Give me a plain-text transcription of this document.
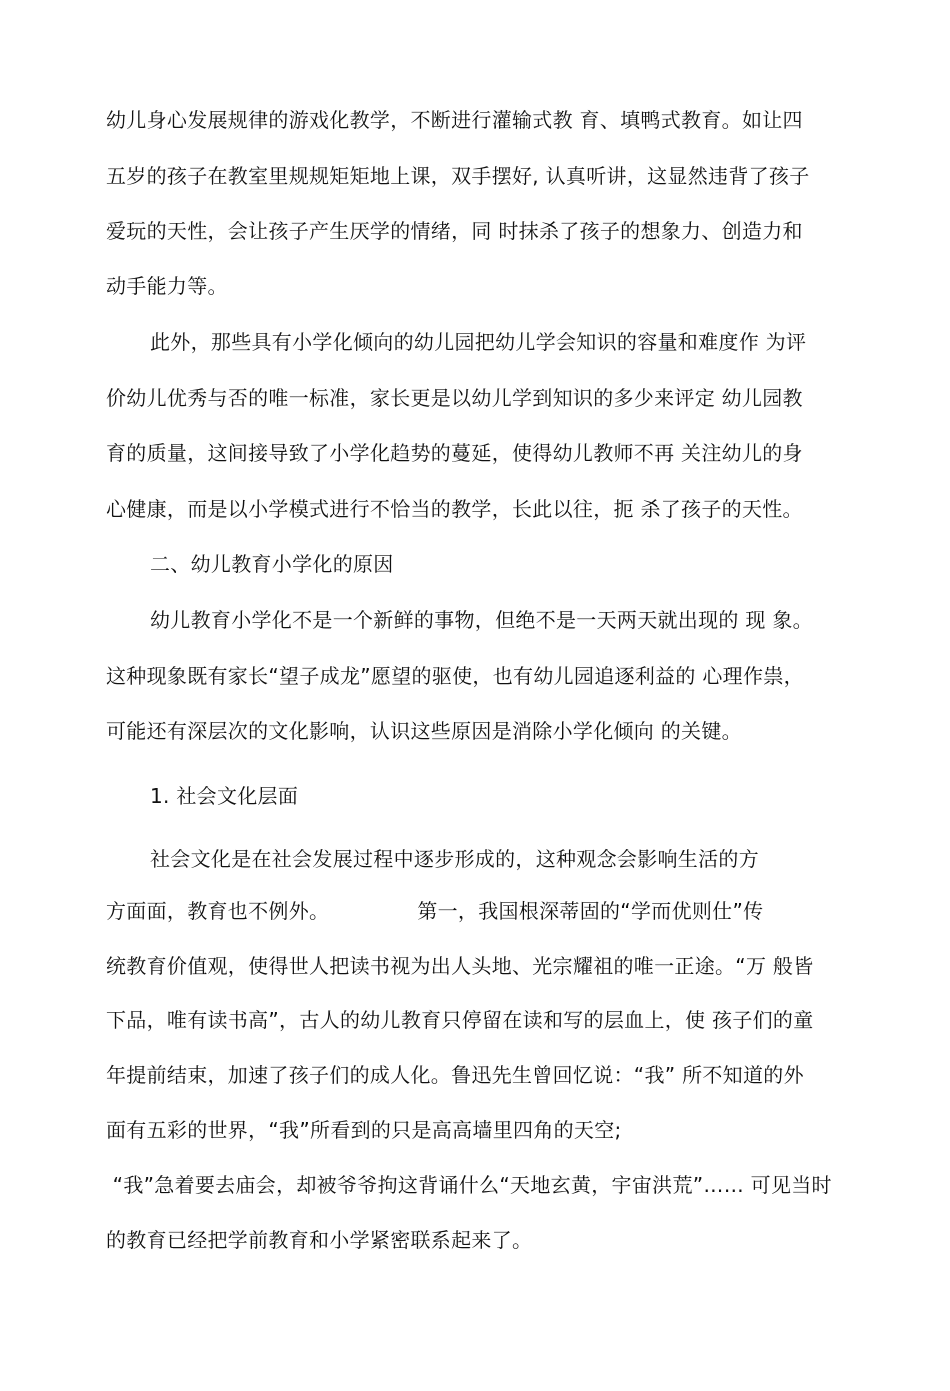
幼儿身心发展规律的游戏化教学，不断进行灌输式教 育、填鸭式教育。如让四
五岁的孩子在教室里规规矩矩地上课，双手摆好, 认真听讲，这显然违背了孩子
爱玩的天性，会让孩子产生厌学的情绪，同 时抹杀了孩子的想象力、创造力和
动手能力等。
此外，那些具有小学化倾向的幼儿园把幼儿学会知识的容量和难度作 为评
价幼儿优秀与否的唯一标准，家长更是以幼儿学到知识的多少来评定 幼儿园教
育的质量，这间接导致了小学化趋势的蔓延，使得幼儿教师不再 关注幼儿的身
心健康，而是以小学模式进行不恰当的教学，长此以往，扼 杀了孩子的天性。
二、幼儿教育小学化的原因
幼儿教育小学化不是一个新鲜的事物，但绝不是一天两天就出现的 现 象。
这种现象既有家长“望子成龙”愿望的驱使，也有幼儿园追逐利益的 心理作祟，
可能还有深层次的文化影响，认识这些原因是消除小学化倾向 的关键。
1. 社会文化层面
社会文化是在社会发展过程中逐步形成的，这种观念会影响生活的方
方面面，教育也不例外。	第一，我国根深蒂固的“学而优则仕”传
统教育价值观，使得世人把读书视为出人头地、光宗耀祖的唯一正途。“万 般皆
下品，唯有读书高”，古人的幼儿教育只停留在读和写的层血上，使 孩子们的童
年提前结束，加速了孩子们的成人化。鲁迅先生曾回忆说：“我” 所不知道的外
面有五彩的世界，“我”所看到的只是高高墙里四角的天空;
“我”急着要去庙会，却被爷爷拘这背诵什么“天地玄黄，宇宙洪荒”…… 可见当时
的教育已经把学前教育和小学紧密联系起来了。
